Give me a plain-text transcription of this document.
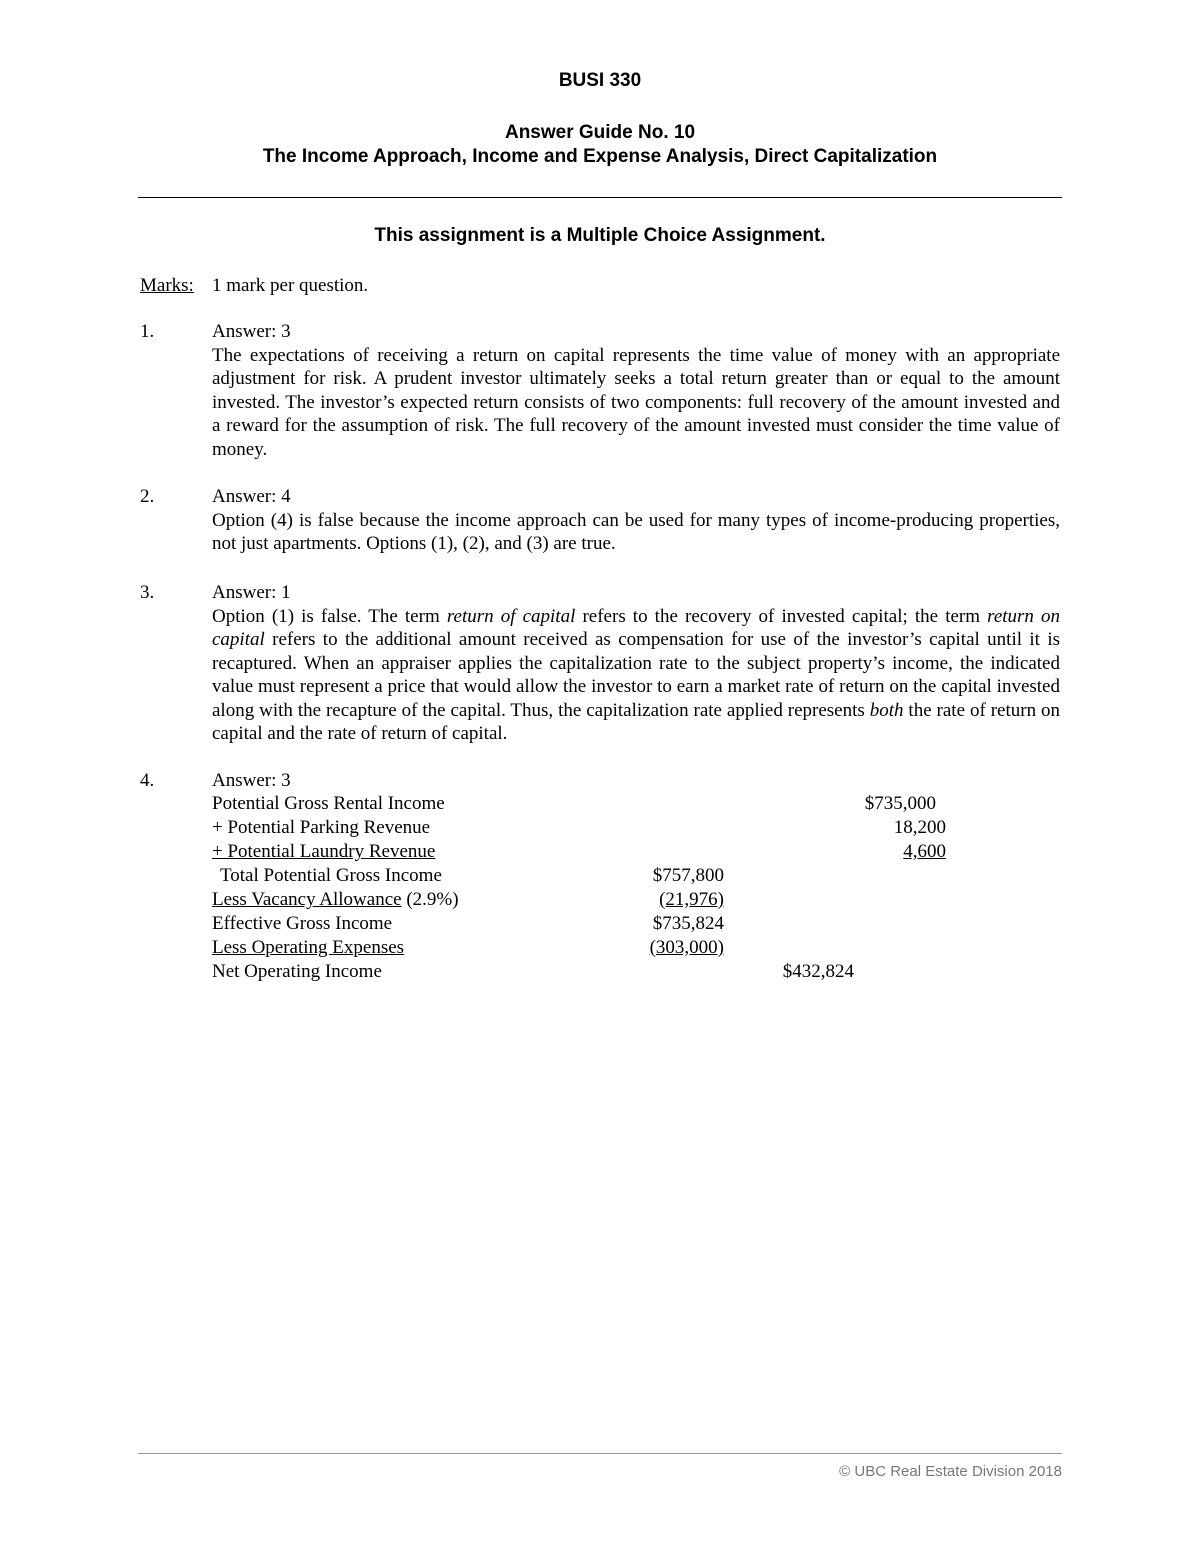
BUSI 330
Answer Guide No. 10
The Income Approach, Income and Expense Analysis, Direct Capitalization
This assignment is a Multiple Choice Assignment.
Marks: 1 mark per question.
1.	Answer: 3
The expectations of receiving a return on capital represents the time value of money with an appropriate adjustment for risk. A prudent investor ultimately seeks a total return greater than or equal to the amount invested. The investor’s expected return consists of two components: full recovery of the amount invested and a reward for the assumption of risk. The full recovery of the amount invested must consider the time value of money.
2.	Answer: 4
Option (4) is false because the income approach can be used for many types of income-producing properties, not just apartments. Options (1), (2), and (3) are true.
3.	Answer: 1
Option (1) is false. The term return of capital refers to the recovery of invested capital; the term return on capital refers to the additional amount received as compensation for use of the investor’s capital until it is recaptured. When an appraiser applies the capitalization rate to the subject property’s income, the indicated value must represent a price that would allow the investor to earn a market rate of return on the capital invested along with the recapture of the capital. Thus, the capitalization rate applied represents both the rate of return on capital and the rate of return of capital.
4.	Answer: 3
Potential Gross Rental Income	$735,000
+ Potential Parking Revenue	18,200
+ Potential Laundry Revenue	4,600
Total Potential Gross Income	$757,800
Less Vacancy Allowance (2.9%)	(21,976)
Effective Gross Income	$735,824
Less Operating Expenses	(303,000)
Net Operating Income	$432,824
© UBC Real Estate Division 2018
